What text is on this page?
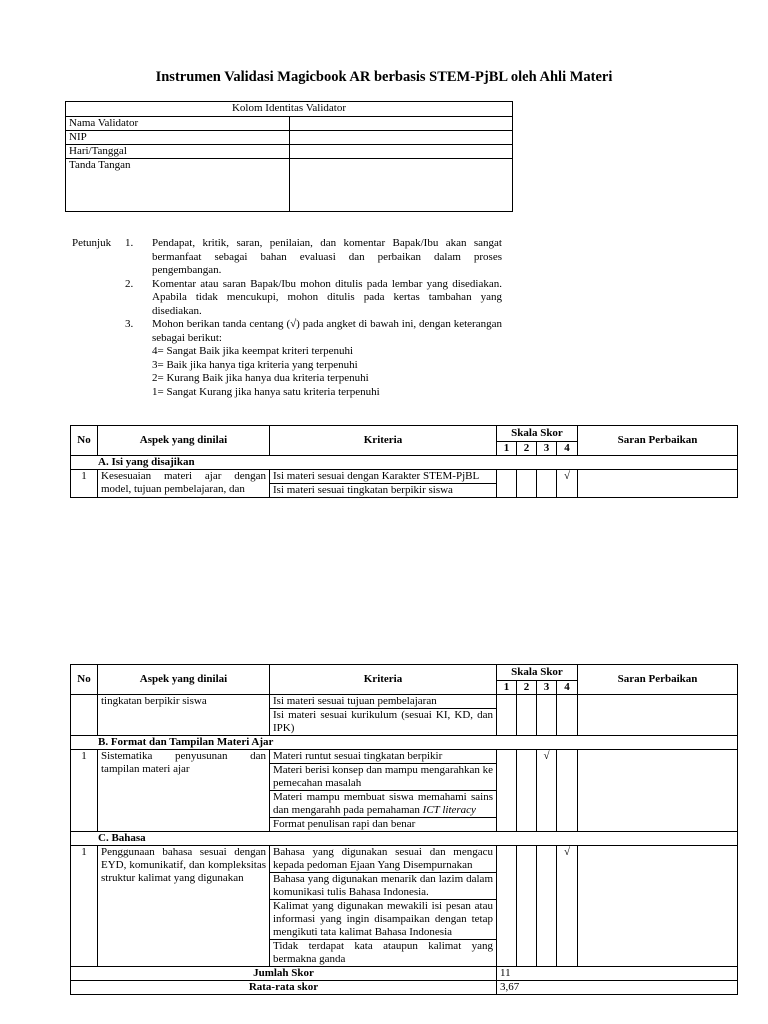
Instrumen Validasi Magicbook AR berbasis STEM-PjBL oleh Ahli Materi
Kolom Identitas Validator	
Nama Validator	
NIP	
Hari/Tanggal	
Tanda Tangan	
Petunjuk 1. Pendapat, kritik, saran, penilaian, dan komentar Bapak/Ibu akan sangat bermanfaat sebagai bahan evaluasi dan perbaikan dalam proses pengembangan.
2. Komentar atau saran Bapak/Ibu mohon ditulis pada lembar yang disediakan. Apabila tidak mencukupi, mohon ditulis pada kertas tambahan yang disediakan.
3. Mohon berikan tanda centang (√) pada angket di bawah ini, dengan keterangan sebagai berikut:
4= Sangat Baik jika keempat kriteri terpenuhi
3= Baik jika hanya tiga kriteria yang terpenuhi
2= Kurang Baik jika hanya dua kriteria terpenuhi
1= Sangat Kurang jika hanya satu kriteria terpenuhi
No	Aspek yang dinilai	Kriteria	Skala Skor				Saran Perbaikan
			1	2	3	4	
A. Isi yang disajikan							
1	Kesesuaian materi ajar dengan model, tujuan pembelajaran, dan	Isi materi sesuai dengan Karakter STEM-PjBL				√	
		Isi materi sesuai tingkatan berpikir siswa					
No	Aspek yang dinilai	Kriteria	Skala Skor				Saran Perbaikan
			1	2	3	4	
	tingkatan berpikir siswa	Isi materi sesuai tujuan pembelajaran					
		Isi materi sesuai kurikulum (sesuai KI, KD, dan IPK)					
B. Format dan Tampilan Materi Ajar							
1	Sistematika penyusunan dan tampilan materi ajar	Materi runtut sesuai tingkatan berpikir			√		
		Materi berisi konsep dan mampu mengarahkan ke pemecahan masalah					
		Materi mampu membuat siswa memahami sains dan mengarahh pada pemahaman ICT literacy					
		Format penulisan rapi dan benar					
C. Bahasa							
1	Penggunaan bahasa sesuai dengan EYD, komunikatif, dan kompleksitas struktur kalimat yang digunakan	Bahasa yang digunakan sesuai dan mengacu kepada pedoman Ejaan Yang Disempurnakan				√	
		Bahasa yang digunakan menarik dan lazim dalam komunikasi tulis Bahasa Indonesia.					
		Kalimat yang digunakan mewakili isi pesan atau informasi yang ingin disampaikan dengan tetap mengikuti tata kalimat Bahasa Indonesia					
		Tidak terdapat kata ataupun kalimat yang bermakna ganda					
Jumlah Skor			11				
Rata-rata skor			3,67				
